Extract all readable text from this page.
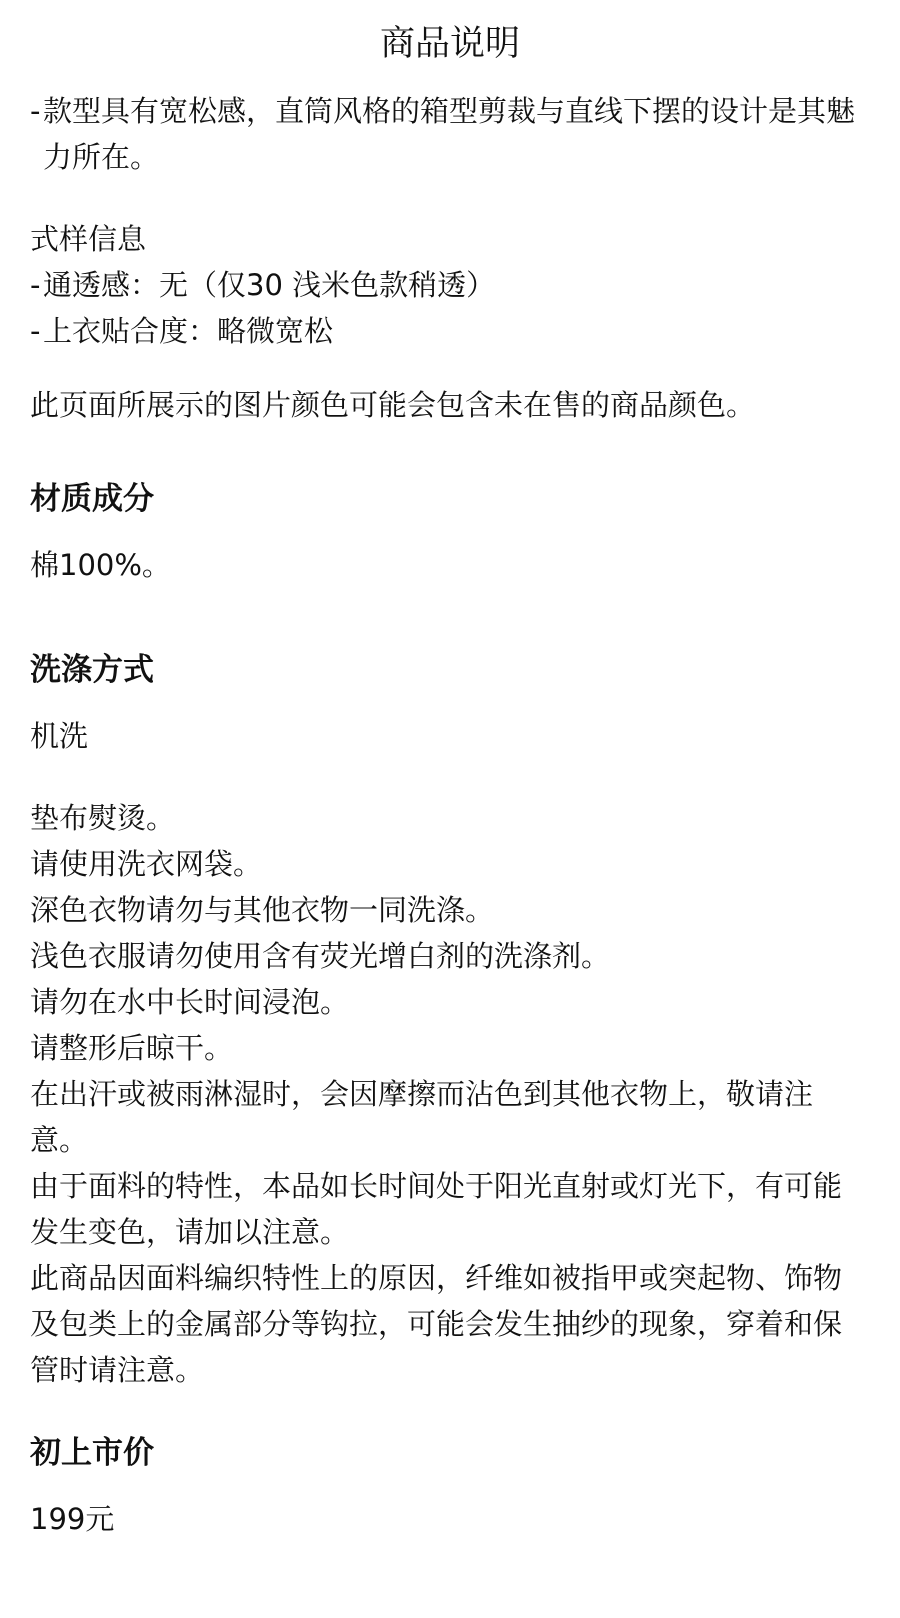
商品说明
- 款型具有宽松感，直筒风格的箱型剪裁与直线下摆的设计是其魅力所在。
式样信息
- 通透感：无（仅30 浅米色款稍透）
- 上衣贴合度：略微宽松
此页面所展示的图片颜色可能会包含未在售的商品颜色。
材质成分
棉100%。
洗涤方式
机洗
垫布熨烫。
请使用洗衣网袋。
深色衣物请勿与其他衣物一同洗涤。
浅色衣服请勿使用含有荧光增白剂的洗涤剂。
请勿在水中长时间浸泡。
请整形后晾干。
在出汗或被雨淋湿时，会因摩擦而沾色到其他衣物上，敬请注意。
由于面料的特性，本品如长时间处于阳光直射或灯光下，有可能发生变色，请加以注意。
此商品因面料编织特性上的原因，纤维如被指甲或突起物、饰物及包类上的金属部分等钩拉，可能会发生抽纱的现象，穿着和保管时请注意。
初上市价
199元
